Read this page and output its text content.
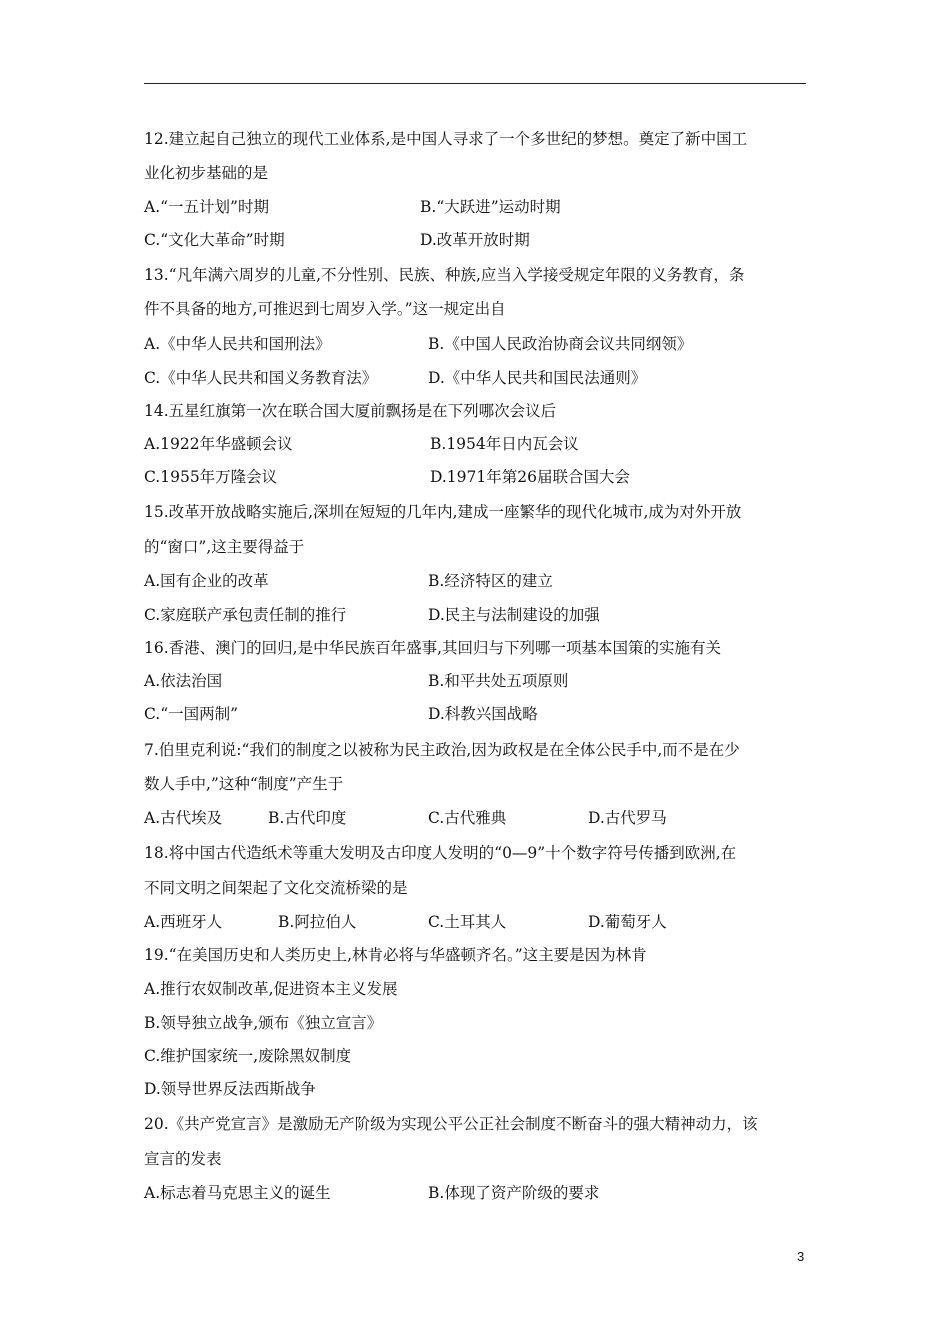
12.建立起自己独立的现代工业体系,是中国人寻求了一个多世纪的梦想。奠定了新中国工
业化初步基础的是
A.“一五计划”时期	B.“大跃进”运动时期
C.“文化大革命”时期	D.改革开放时期
13.“凡年满六周岁的儿童,不分性别、民族、种族,应当入学接受规定年限的义务教育，条
件不具备的地方,可推迟到七周岁入学。”这一规定出自
A.《中华人民共和国刑法》	B.《中国人民政治协商会议共同纲领》
C.《中华人民共和国义务教育法》	D.《中华人民共和国民法通则》
14.五星红旗第一次在联合国大厦前飘扬是在下列哪次会议后
A.1922年华盛顿会议	B.1954年日内瓦会议
C.1955年万隆会议	D.1971年第26届联合国大会
15.改革开放战略实施后,深圳在短短的几年内,建成一座繁华的现代化城市,成为对外开放
的“窗口”,这主要得益于
A.国有企业的改革	B.经济特区的建立
C.家庭联产承包责任制的推行	D.民主与法制建设的加强
16.香港、澳门的回归,是中华民族百年盛事,其回归与下列哪一项基本国策的实施有关
A.依法治国	B.和平共处五项原则
C.“一国两制”	D.科教兴国战略
7.伯里克利说:“我们的制度之以被称为民主政治,因为政权是在全体公民手中,而不是在少
数人手中,”这种“制度”产生于
A.古代埃及	B.古代印度	C.古代雅典	D.古代罗马
18.将中国古代造纸术等重大发明及古印度人发明的“0—9”十个数字符号传播到欧洲,在
不同文明之间架起了文化交流桥梁的是
A.西班牙人	B.阿拉伯人	C.土耳其人	D.葡萄牙人
19.“在美国历史和人类历史上,林肯必将与华盛顿齐名。”这主要是因为林肯
A.推行农奴制改革,促进资本主义发展
B.领导独立战争,颁布《独立宣言》
C.维护国家统一,废除黑奴制度
D.领导世界反法西斯战争
20.《共产党宣言》是激励无产阶级为实现公平公正社会制度不断奋斗的强大精神动力，该
宣言的发表
A.标志着马克思主义的诞生	B.体现了资产阶级的要求
3
